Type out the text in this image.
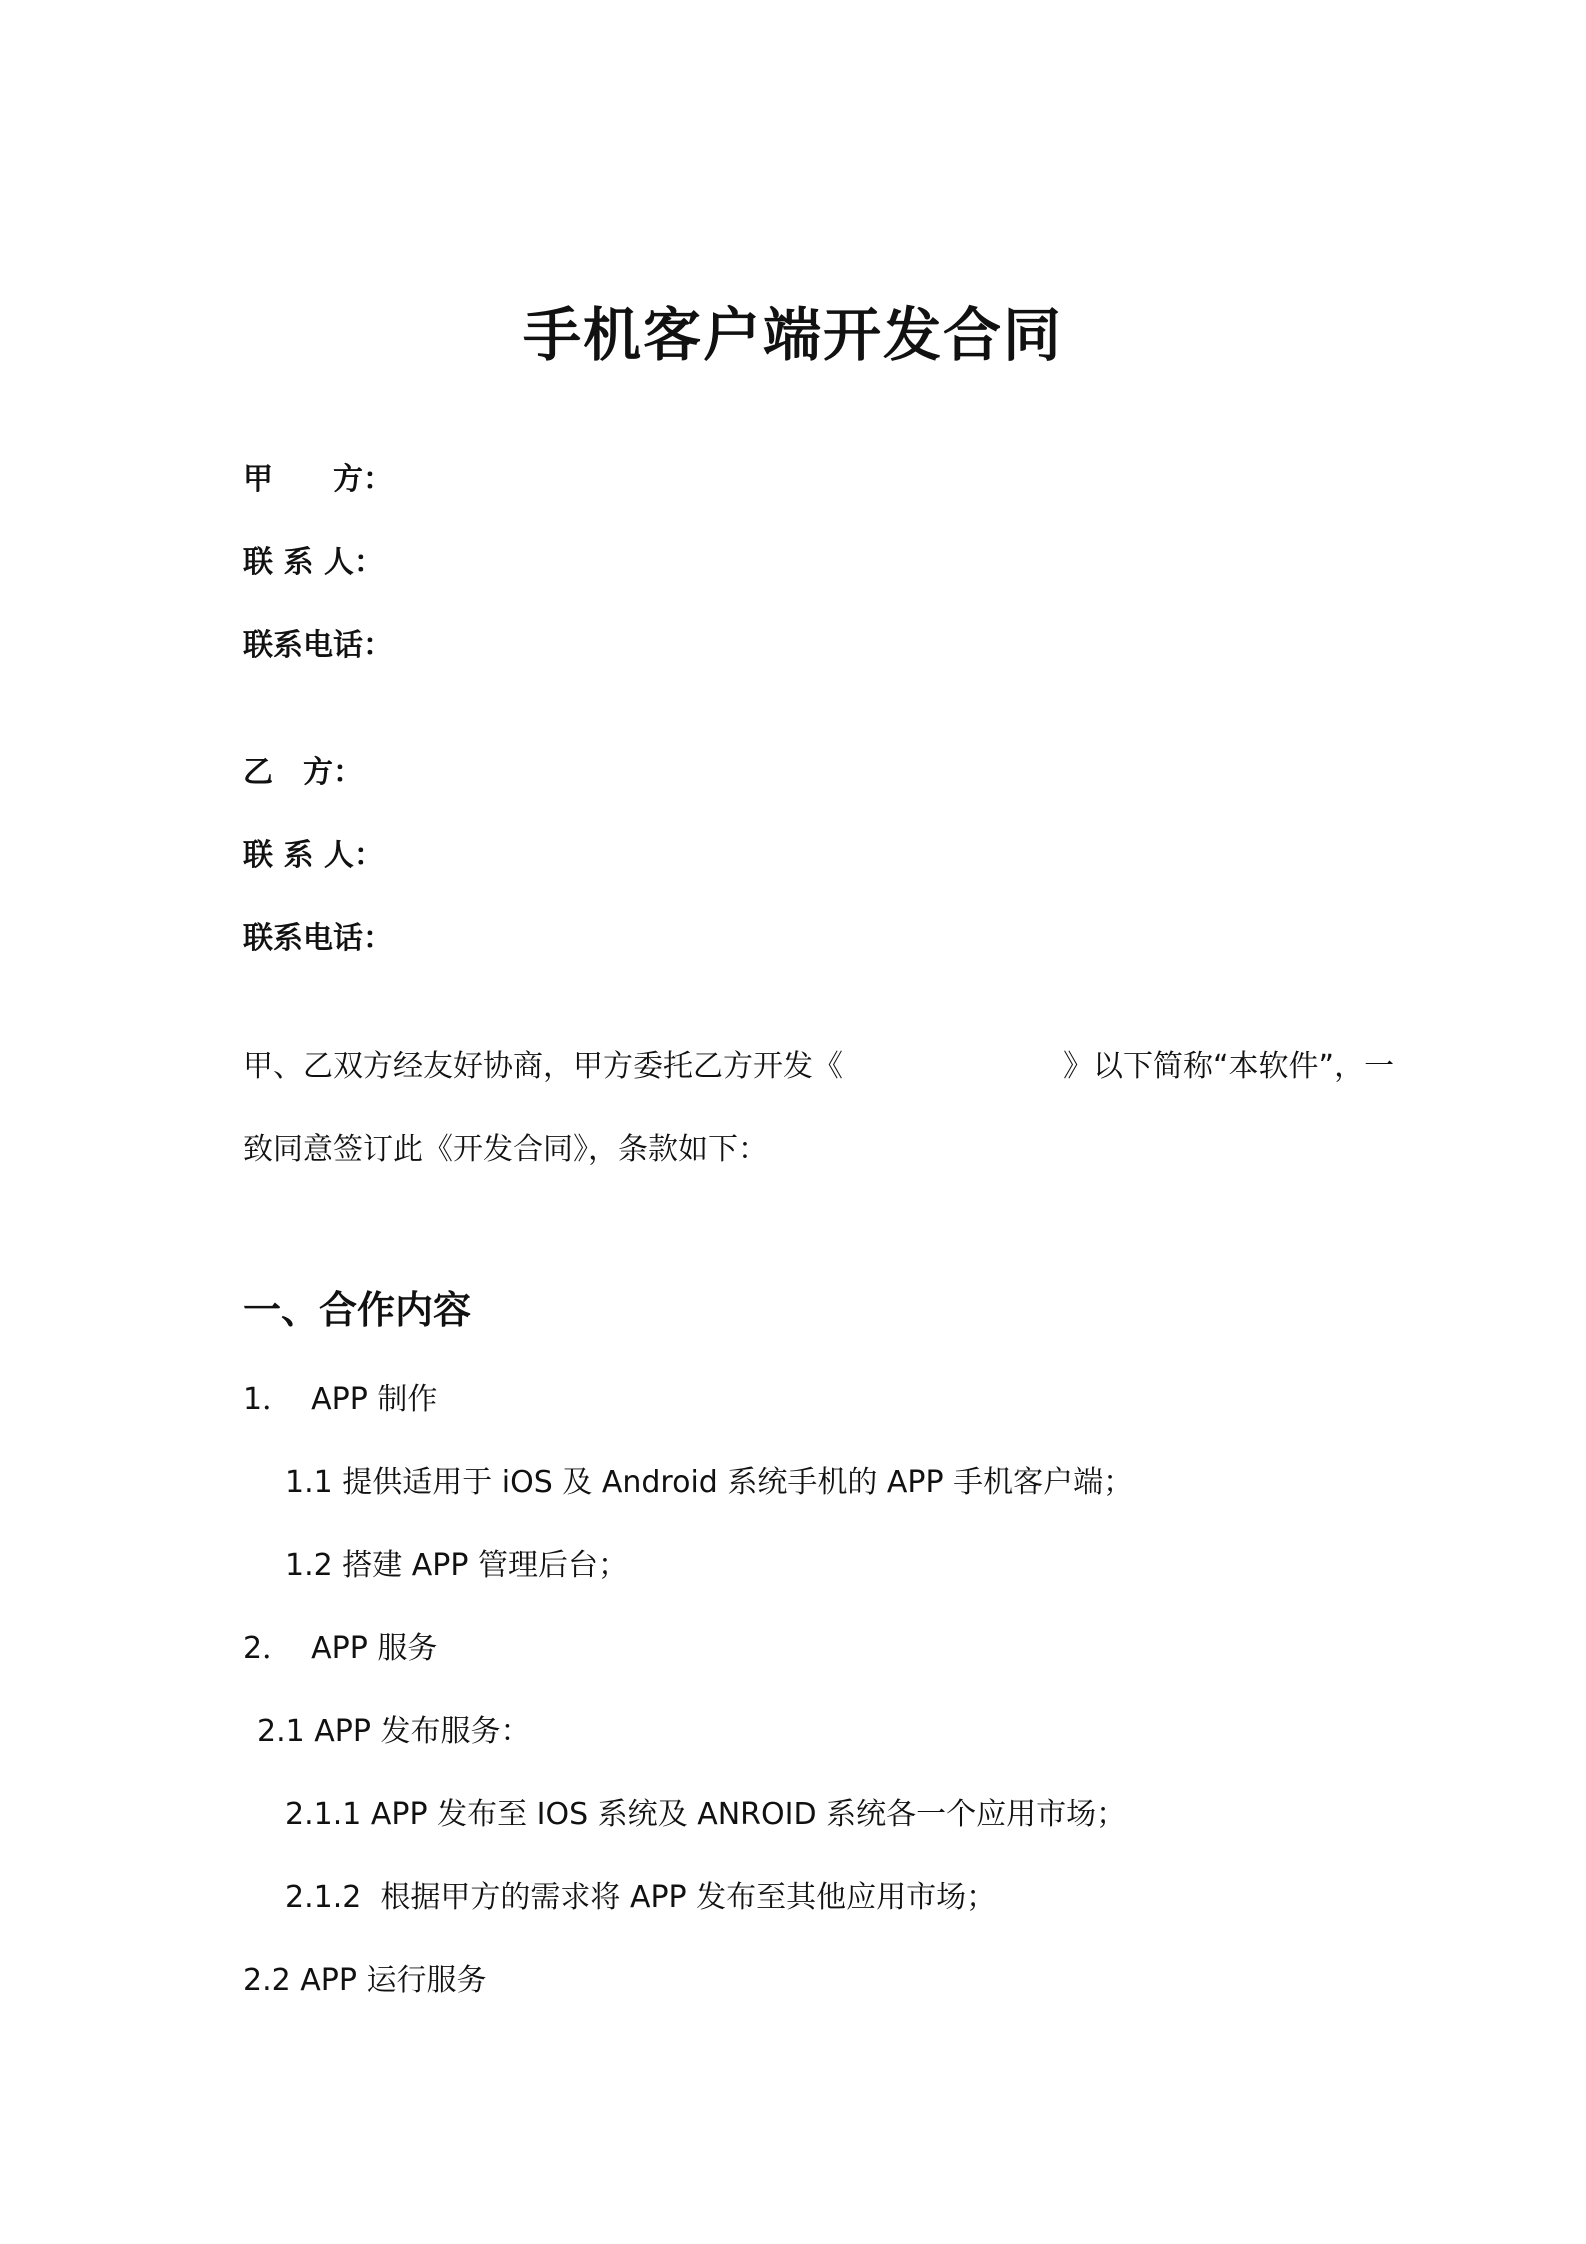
手机客户端开发合同
甲　　方：
联 系 人：
联系电话：
乙　方：
联 系 人：
联系电话：
甲、乙双方经友好协商，甲方委托乙方开发《	》以下简称“本软件”，一
致同意签订此《开发合同》，条款如下：
一、合作内容
1．  APP 制作
1.1 提供适用于 iOS 及 Android 系统手机的 APP 手机客户端；
1.2 搭建 APP 管理后台；
2．  APP 服务
2.1 APP 发布服务：
2.1.1 APP 发布至 IOS 系统及 ANROID 系统各一个应用市场；
2.1.2  根据甲方的需求将 APP 发布至其他应用市场；
2.2 APP 运行服务
